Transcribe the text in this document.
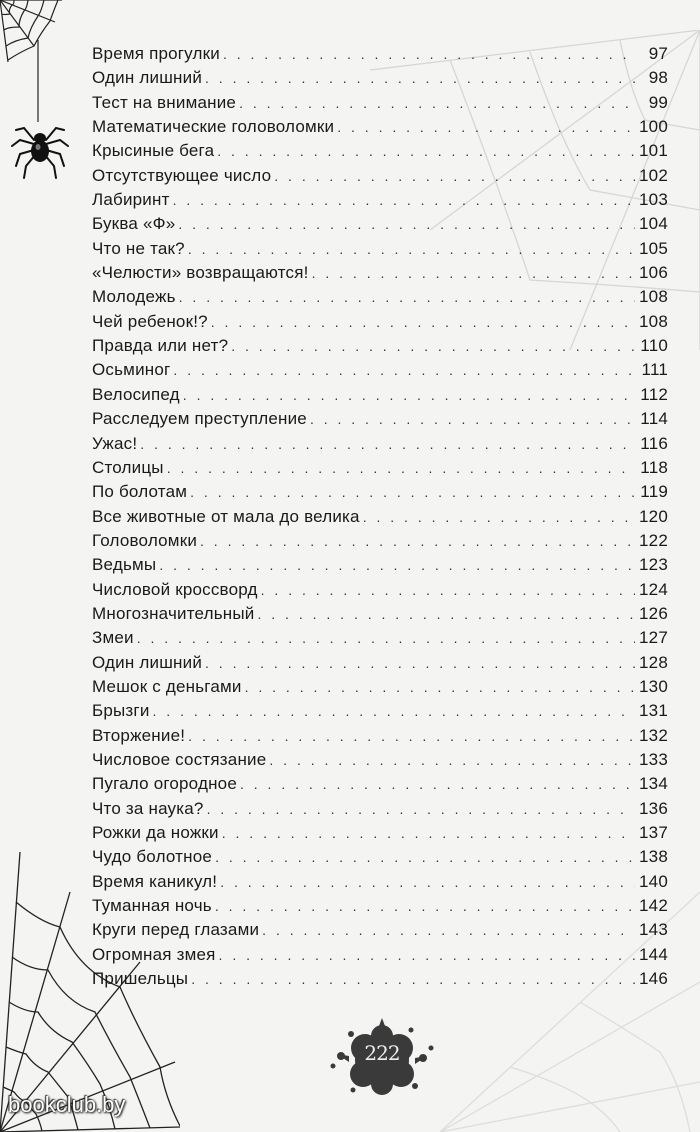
Время прогулки . . .	97
Один лишний . . .	98
Тест на внимание . . .	99
Математические головоломки . . .	100
Крысиные бега . . .	101
Отсутствующее число . . .	102
Лабиринт . . .	103
Буква «Ф» . . .	104
Что не так? . . .	105
«Челюсти» возвращаются! . . .	106
Молодежь . . .	108
Чей ребенок!? . . .	108
Правда или нет? . . .	110
Осьминог . . .	111
Велосипед . . .	112
Расследуем преступление . . .	114
Ужас! . . .	116
Столицы . . .	118
По болотам . . .	119
Все животные от мала до велика . . .	120
Головоломки . . .	122
Ведьмы . . .	123
Числовой кроссворд . . .	124
Многозначительный . . .	126
Змеи . . .	127
Один лишний . . .	128
Мешок с деньгами . . .	130
Брызги . . .	131
Вторжение! . . .	132
Числовое состязание . . .	133
Пугало огородное . . .	134
Что за наука? . . .	136
Рожки да ножки . . .	137
Чудо болотное . . .	138
Время каникул! . . .	140
Туманная ночь . . .	142
Круги перед глазами . . .	143
Огромная змея . . .	144
Пришельцы . . .	146
222
bookclub.by
